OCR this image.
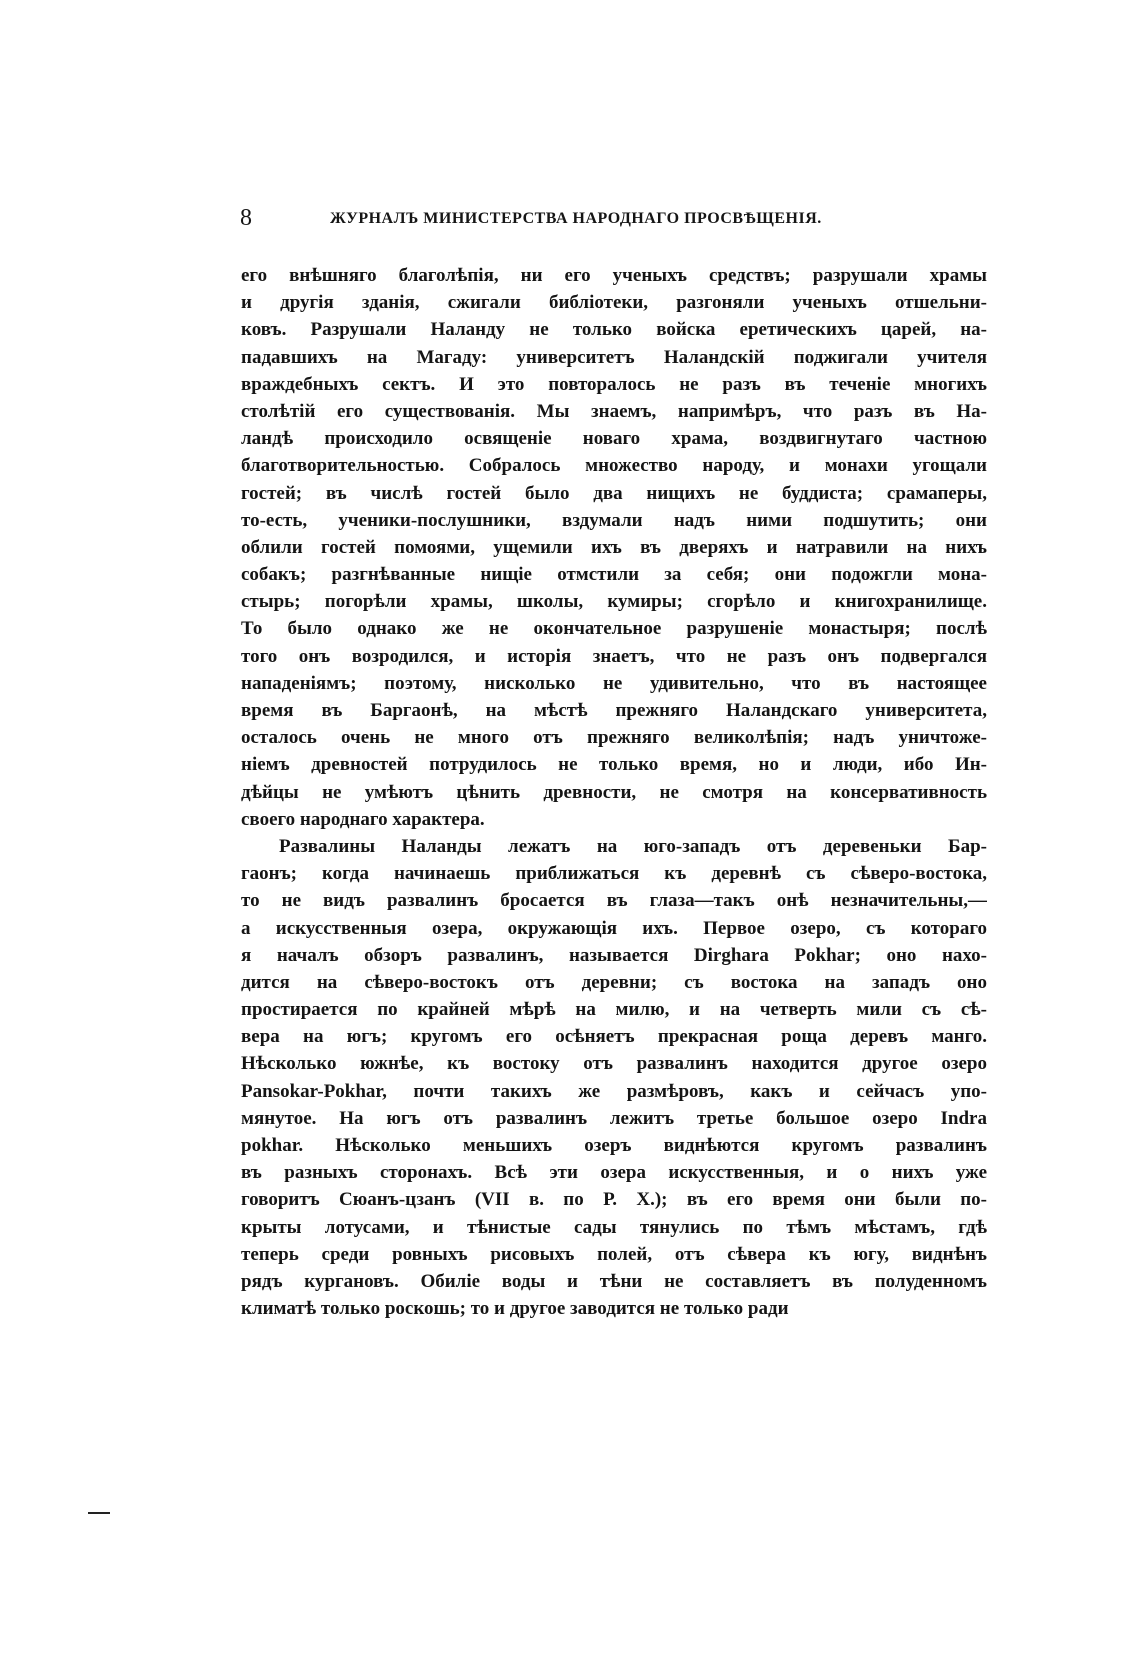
8	ЖУРНАЛЪ МИНИСТЕРСТВА НАРОДНАГО ПРОСВѢЩЕНІЯ.
его внѣшняго благолѣпія, ни его ученыхъ средствъ; разрушали храмы
и другія зданія, сжигали библіотеки, разгоняли ученыхъ отшельни-
ковъ. Разрушали Наланду не только войска еретическихъ царей, на-
падавшихъ на Магаду: университетъ Наландскій поджигали учителя
враждебныхъ сектъ. И это повторалось не разъ въ теченіе многихъ
столѣтій его существованія. Мы знаемъ, напримѣръ, что разъ въ На-
ландѣ происходило освященіе новаго храма, воздвигнутаго частною
благотворительностью. Собралось множество народу, и монахи угощали
гостей; въ числѣ гостей было два нищихъ не буддиста; срамаперы,
то-есть, ученики-послушники, вздумали надъ ними подшутить; они
облили гостей помоями, ущемили ихъ въ дверяхъ и натравили на нихъ
собакъ; разгнѣванные нищіе отмстили за себя; они подожгли мона-
стырь; погорѣли храмы, школы, кумиры; сгорѣло и книгохранилище.
То было однако же не окончательное разрушеніе монастыря; послѣ
того онъ возродился, и исторія знаетъ, что не разъ онъ подвергался
нападеніямъ; поэтому, нисколько не удивительно, что въ настоящее
время въ Баргаонѣ, на мѣстѣ прежняго Наландскаго университета,
осталось очень не много отъ прежняго великолѣпія; надъ уничтоже-
ніемъ древностей потрудилось не только время, но и люди, ибо Ин-
дѣйцы не умѣютъ цѣнить древности, не смотря на консервативность
своего народнаго характера.
Развалины Наланды лежатъ на юго-западъ отъ деревеньки Бар-
гаонъ; когда начинаешь приближаться къ деревнѣ съ сѣверо-востока,
то не видъ развалинъ бросается въ глаза—такъ онѣ незначительны,—
а искусственныя озера, окружающія ихъ. Первое озеро, съ котораго
я началъ обзоръ развалинъ, называется Dirghara Pokhar; оно нахо-
дится на сѣверо-востокъ отъ деревни; съ востока на западъ оно
простирается по крайней мѣрѣ на милю, и на четверть мили съ сѣ-
вера на югъ; кругомъ его осѣняетъ прекрасная роща деревъ манго.
Нѣсколько южнѣе, къ востоку отъ развалинъ находится другое озеро
Pansokar-Pokhar, почти такихъ же размѣровъ, какъ и сейчасъ упо-
мянутое. На югъ отъ развалинъ лежитъ третье большое озеро Indra
pokhar. Нѣсколько меньшихъ озеръ виднѣются кругомъ развалинъ
въ разныхъ сторонахъ. Всѣ эти озера искусственныя, и о нихъ уже
говоритъ Сюанъ-цзанъ (VII в. по Р. Х.); въ его время они были по-
крыты лотусами, и тѣнистые сады тянулись по тѣмъ мѣстамъ, гдѣ
теперь среди ровныхъ рисовыхъ полей, отъ сѣвера къ югу, виднѣнъ
рядъ кургановъ. Обиліе воды и тѣни не составляетъ въ полуденномъ
климатѣ только роскошь; то и другое заводится не только ради
